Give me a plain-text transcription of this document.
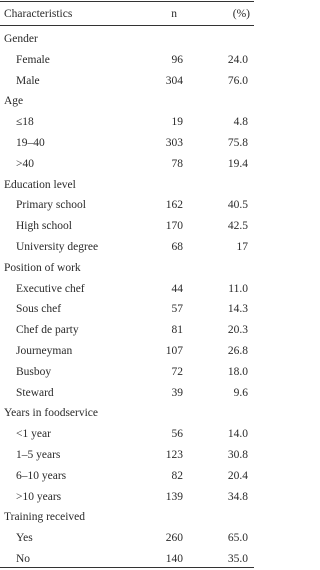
Characteristics	n	(%)
Gender
Female	96	24.0
Male	304	76.0
Age
≤18	19	4.8
19–40	303	75.8
>40	78	19.4
Education level
Primary school	162	40.5
High school	170	42.5
University degree	68	17
Position of work
Executive chef	44	11.0
Sous chef	57	14.3
Chef de party	81	20.3
Journeyman	107	26.8
Busboy	72	18.0
Steward	39	9.6
Years in foodservice
<1 year	56	14.0
1–5 years	123	30.8
6–10 years	82	20.4
>10 years	139	34.8
Training received
Yes	260	65.0
No	140	35.0
